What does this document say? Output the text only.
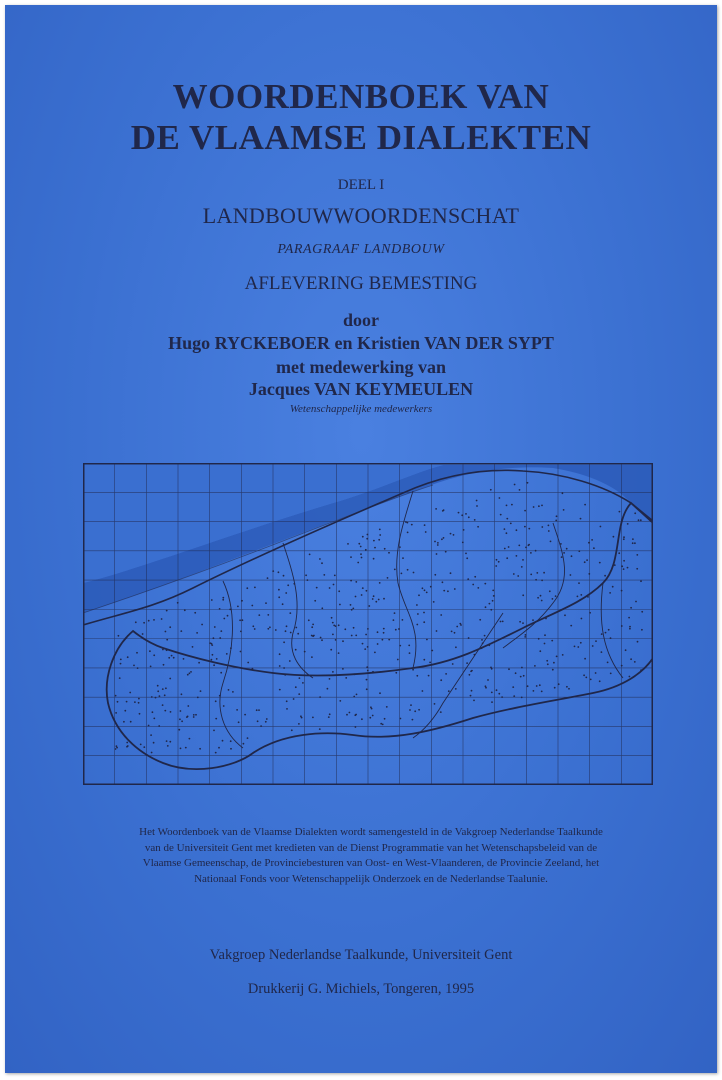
WOORDENBOEK VAN
DE VLAAMSE DIALEKTEN
DEEL I
LANDBOUWWOORDENSCHAT
PARAGRAAF LANDBOUW
AFLEVERING BEMESTING
door
Hugo RYCKEBOER en Kristien VAN DER SYPT
met medewerking van
Jacques VAN KEYMEULEN
Wetenschappelijke medewerkers
Het Woordenboek van de Vlaamse Dialekten wordt samengesteld in de Vakgroep Nederlandse Taalkunde van de Universiteit Gent met kredieten van de Dienst Programmatie van het Wetenschapsbeleid van de Vlaamse Gemeenschap, de Provinciebesturen van Oost- en West-Vlaanderen, de Provincie Zeeland, het Nationaal Fonds voor Wetenschappelijk Onderzoek en de Nederlandse Taalunie.
Vakgroep Nederlandse Taalkunde, Universiteit Gent
Drukkerij G. Michiels, Tongeren, 1995
